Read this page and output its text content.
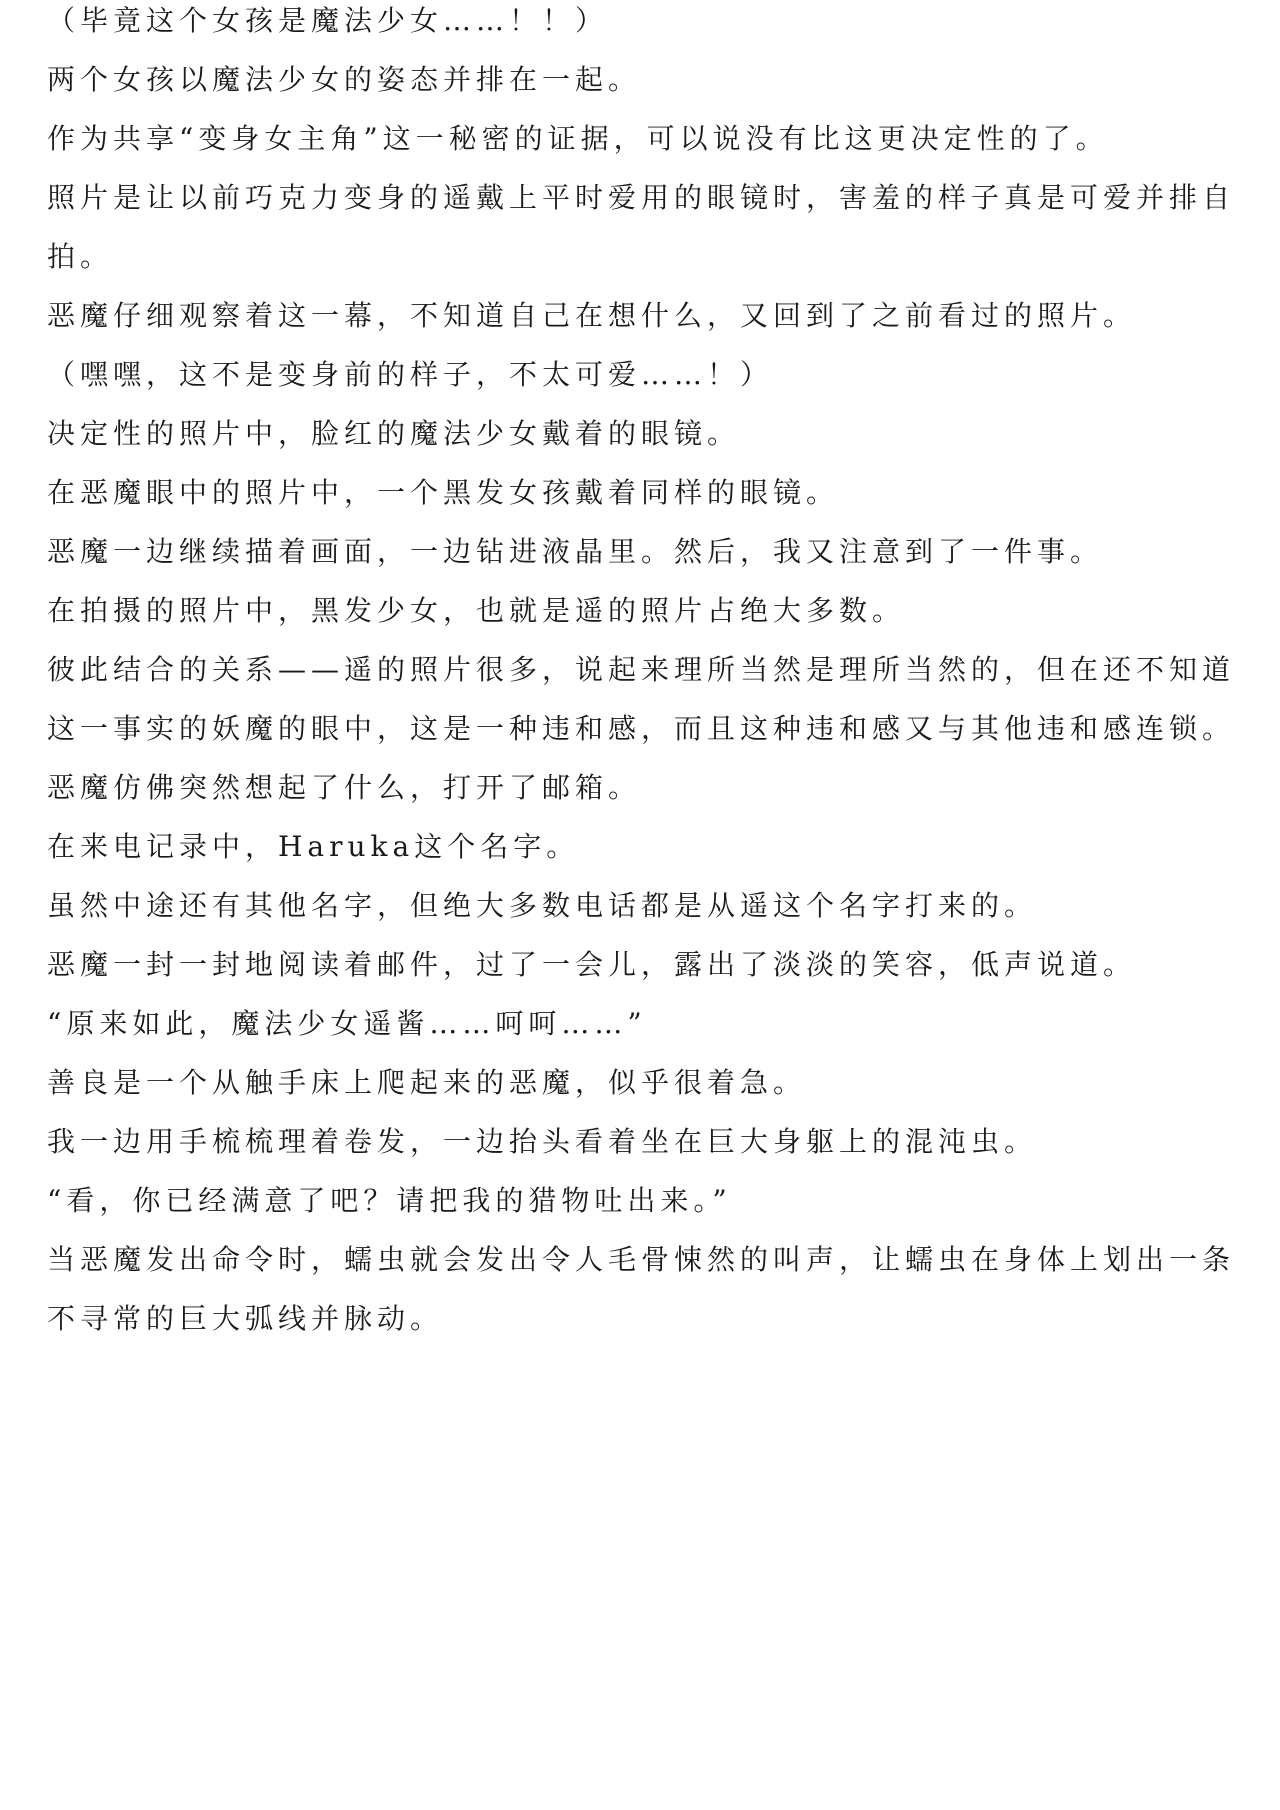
（毕竟这个女孩是魔法少女……！！）

两个女孩以魔法少女的姿态并排在一起。

作为共享“变身女主角”这一秘密的证据，可以说没有比这更决定性的了。

照片是让以前巧克力变身的遥戴上平时爱用的眼镜时，害羞的样子真是可爱并排自

拍。

恶魔仔细观察着这一幕，不知道自己在想什么，又回到了之前看过的照片。

（嘿嘿，这不是变身前的样子，不太可爱……！）

决定性的照片中，脸红的魔法少女戴着的眼镜。

在恶魔眼中的照片中，一个黑发女孩戴着同样的眼镜。

恶魔一边继续描着画面，一边钻进液晶里。然后，我又注意到了一件事。

在拍摄的照片中，黑发少女，也就是遥的照片占绝大多数。

彼此结合的关系——遥的照片很多，说起来理所当然是理所当然的，但在还不知道

这一事实的妖魔的眼中，这是一种违和感，而且这种违和感又与其他违和感连锁。

恶魔仿佛突然想起了什么，打开了邮箱。

在来电记录中，Haruka这个名字。

虽然中途还有其他名字，但绝大多数电话都是从遥这个名字打来的。

恶魔一封一封地阅读着邮件，过了一会儿，露出了淡淡的笑容，低声说道。

“原来如此，魔法少女遥酱……呵呵……”

善良是一个从触手床上爬起来的恶魔，似乎很着急。

我一边用手梳梳理着卷发，一边抬头看着坐在巨大身躯上的混沌虫。

“看，你已经满意了吧？请把我的猎物吐出来。”

当恶魔发出命令时，蠕虫就会发出令人毛骨悚然的叫声，让蠕虫在身体上划出一条

不寻常的巨大弧线并脉动。
